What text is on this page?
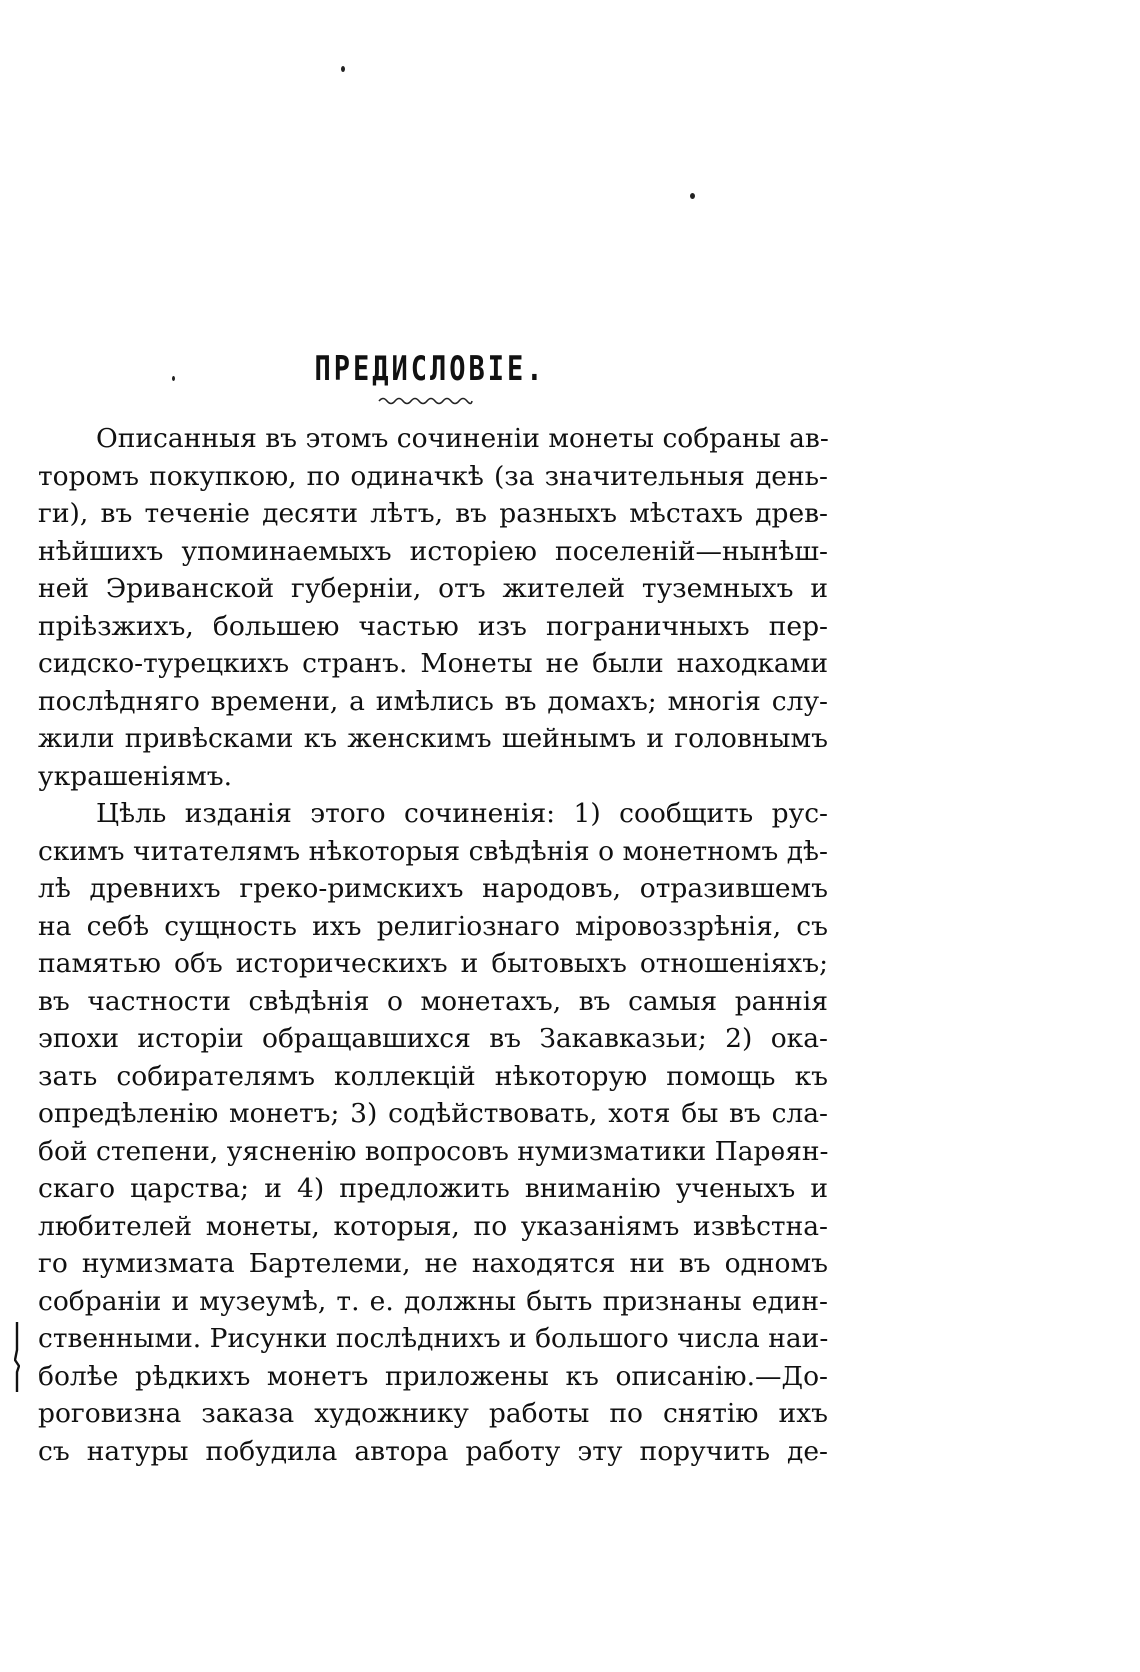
ПРЕДИСЛОВІЕ.
Описанныя въ этомъ сочиненіи монеты собраны ав-
торомъ покупкою, по одиначкѣ (за значительныя день-
ги), въ теченіе десяти лѣтъ, въ разныхъ мѣстахъ древ-
нѣйшихъ упоминаемыхъ исторіею поселеній—нынѣш-
ней Эриванской губерніи, отъ жителей туземныхъ и
пріѣзжихъ, большею частью изъ пограничныхъ пер-
сидско-турецкихъ странъ. Монеты не были находками
послѣдняго времени, а имѣлись въ домахъ; многія слу-
жили привѣсками къ женскимъ шейнымъ и головнымъ
украшеніямъ.
Цѣль изданія этого сочиненія: 1) сообщить рус-
скимъ читателямъ нѣкоторыя свѣдѣнія о монетномъ дѣ-
лѣ древнихъ греко-римскихъ народовъ, отразившемъ
на себѣ сущность ихъ религіознаго міровоззрѣнія, съ
памятью объ историческихъ и бытовыхъ отношеніяхъ;
въ частности свѣдѣнія о монетахъ, въ самыя раннія
эпохи исторіи обращавшихся въ Закавказьи; 2) ока-
зать собирателямъ коллекцій нѣкоторую помощь къ
опредѣленію монетъ; 3) содѣйствовать, хотя бы въ сла-
бой степени, уясненію вопросовъ нумизматики Парѳян-
скаго царства; и 4) предложить вниманію ученыхъ и
любителей монеты, которыя, по указаніямъ извѣстна-
го нумизмата Бартелеми, не находятся ни въ одномъ
собраніи и музеумѣ, т. е. должны быть признаны един-
ственными. Рисунки послѣднихъ и большого числа наи-
болѣе рѣдкихъ монетъ приложены къ описанію.—До-
роговизна заказа художнику работы по снятію ихъ
съ натуры побудила автора работу эту поручить де-
